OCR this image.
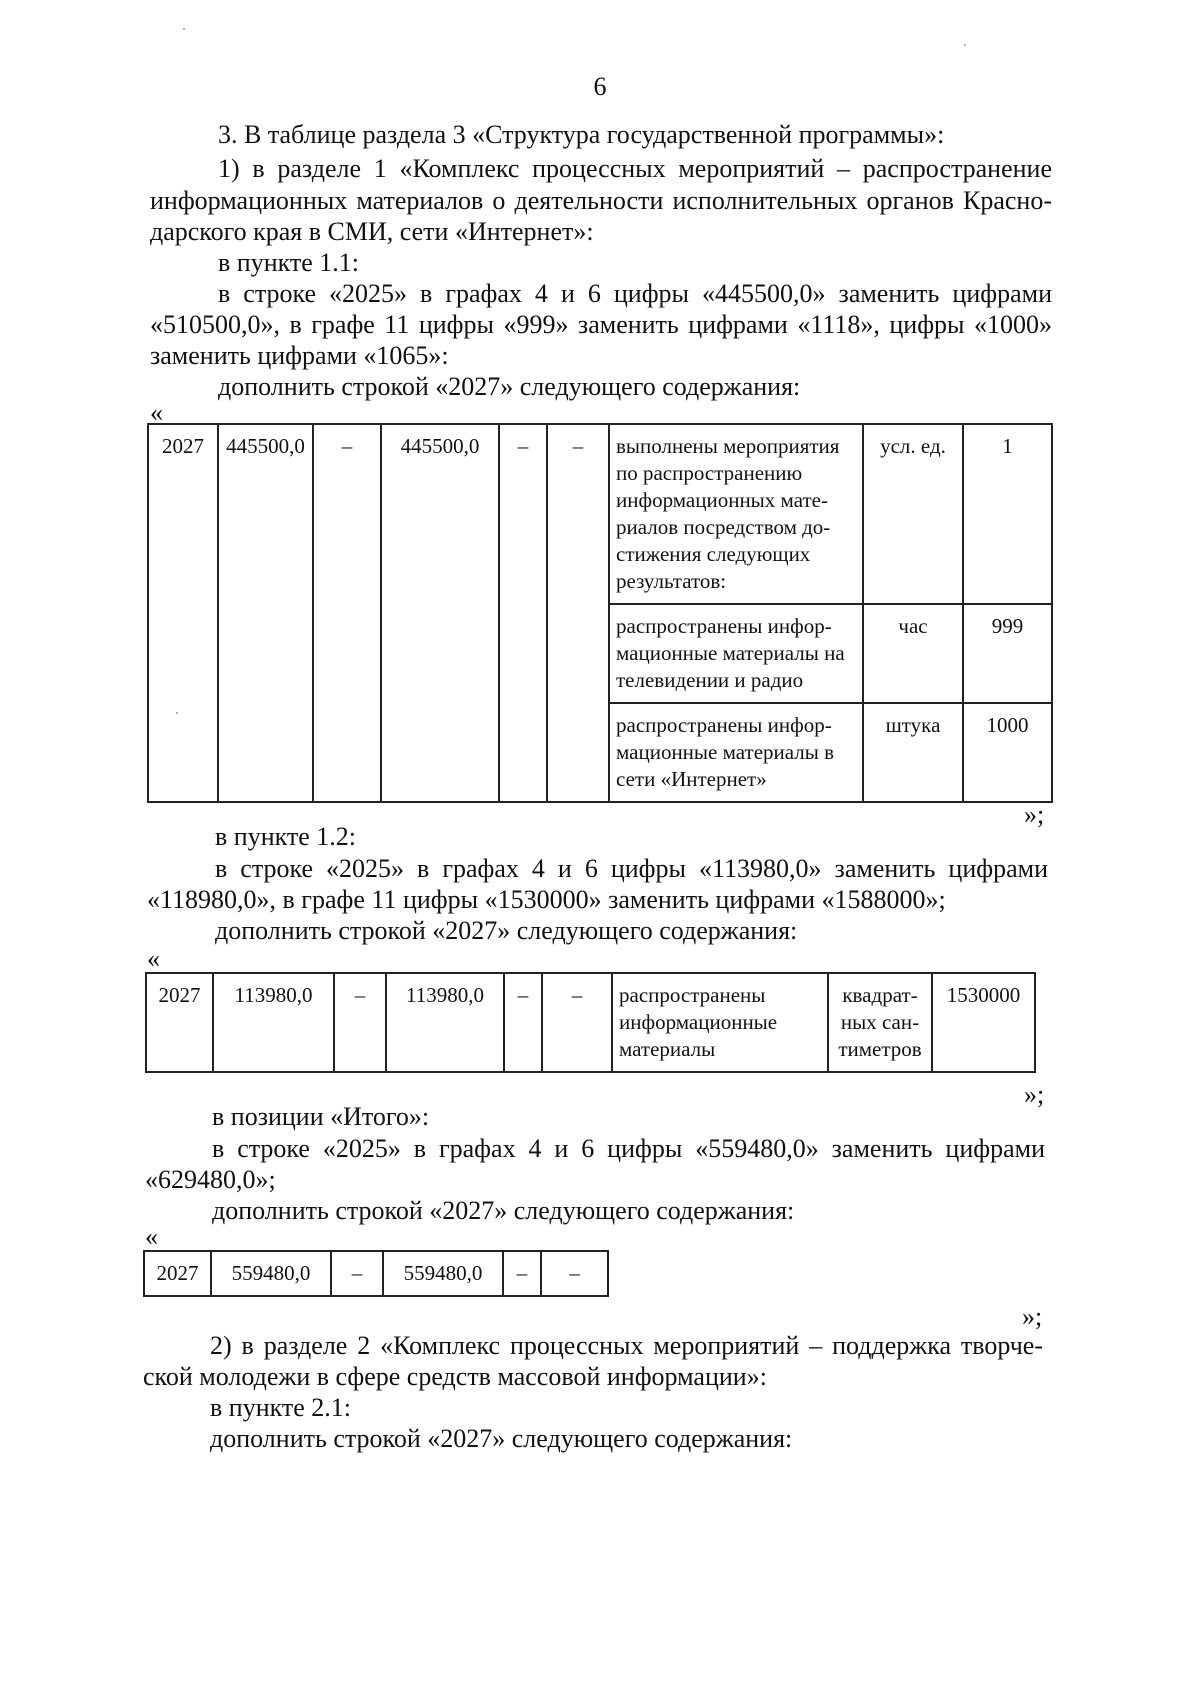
6
3. В таблице раздела 3 «Структура государственной программы»:
1) в разделе 1 «Комплекс процессных мероприятий – распространение
информационных материалов о деятельности исполнительных органов Красно-
дарского края в СМИ, сети «Интернет»:
в пункте 1.1:
в строке «2025» в графах 4 и 6 цифры «445500,0» заменить цифрами
«510500,0», в графе 11 цифры «999» заменить цифрами «1118», цифры «1000»
заменить цифрами «1065»:
дополнить строкой «2027» следующего содержания:
«
2027	445500,0	–	445500,0	–	–	выполнены мероприятия по распространению информационных мате-риалов посредством до-стижения следующих результатов:	усл. ед.	1
						распространены инфор-мационные материалы на телевидении и радио	час	999
						распространены инфор-мационные материалы в сети «Интернет»	штука	1000
»;
в пункте 1.2:
в строке «2025» в графах 4 и 6 цифры «113980,0» заменить цифрами
«118980,0», в графе 11 цифры «1530000» заменить цифрами «1588000»;
дополнить строкой «2027» следующего содержания:
«
2027	113980,0	–	113980,0	–	–	распространены информационные материалы	квадрат-ных сан-тиметров	1530000
»;
в позиции «Итого»:
в строке «2025» в графах 4 и 6 цифры «559480,0» заменить цифрами
«629480,0»;
дополнить строкой «2027» следующего содержания:
«
2027	559480,0	–	559480,0	–	–
»;
2) в разделе 2 «Комплекс процессных мероприятий – поддержка творче-
ской молодежи в сфере средств массовой информации»:
в пункте 2.1:
дополнить строкой «2027» следующего содержания:
